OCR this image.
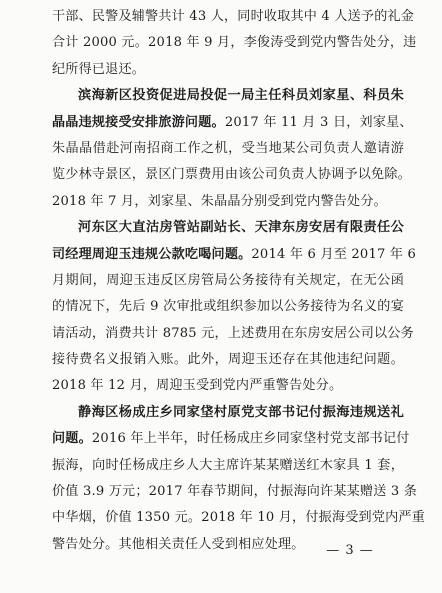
干部、民警及辅警共计 43 人，同时收取其中 4 人送予的礼金
合计 2000 元。2018 年 9 月，李俊涛受到党内警告处分，违
纪所得已退还。
滨海新区投资促进局投促一局主任科员刘家星、科员朱
晶晶违规接受安排旅游问题。2017 年 11 月 3 日，刘家星、
朱晶晶借赴河南招商工作之机，受当地某公司负责人邀请游
览少林寺景区，景区门票费用由该公司负责人协调予以免除。
2018 年 7 月，刘家星、朱晶晶分别受到党内警告处分。
河东区大直沽房管站副站长、天津东房安居有限责任公
司经理周迎玉违规公款吃喝问题。2014 年 6 月至 2017 年 6
月期间，周迎玉违反区房管局公务接待有关规定，在无公函
的情况下，先后 9 次审批或组织参加以公务接待为名义的宴
请活动，消费共计 8785 元，上述费用在东房安居公司以公务
接待费名义报销入账。此外，周迎玉还存在其他违纪问题。
2018 年 12 月，周迎玉受到党内严重警告处分。
静海区杨成庄乡同家垡村原党支部书记付振海违规送礼
问题。2016 年上半年，时任杨成庄乡同家垡村党支部书记付
振海，向时任杨成庄乡人大主席许某某赠送红木家具 1 套，
价值 3.9 万元；2017 年春节期间，付振海向许某某赠送 3 条
中华烟，价值 1350 元。2018 年 10 月，付振海受到党内严重
警告处分。其他相关责任人受到相应处理。	— 3 —
